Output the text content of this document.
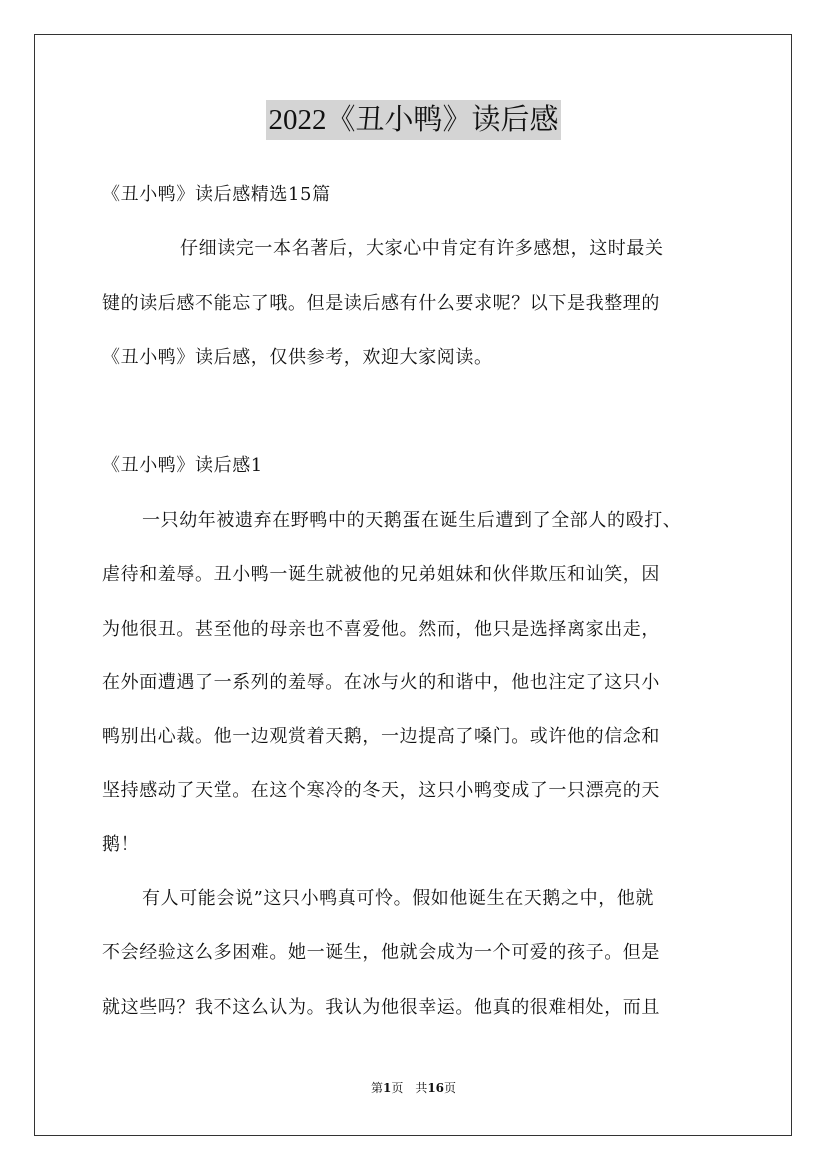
2022《丑小鸭》读后感
《丑小鸭》读后感精选15篇
仔细读完一本名著后，大家心中肯定有许多感想，这时最关
键的读后感不能忘了哦。但是读后感有什么要求呢？以下是我整理的
《丑小鸭》读后感，仅供参考，欢迎大家阅读。
《丑小鸭》读后感1
一只幼年被遗弃在野鸭中的天鹅蛋在诞生后遭到了全部人的殴打、
虐待和羞辱。丑小鸭一诞生就被他的兄弟姐妹和伙伴欺压和讪笑，因
为他很丑。甚至他的母亲也不喜爱他。然而，他只是选择离家出走，
在外面遭遇了一系列的羞辱。在冰与火的和谐中，他也注定了这只小
鸭别出心裁。他一边观赏着天鹅，一边提高了嗓门。或许他的信念和
坚持感动了天堂。在这个寒冷的冬天，这只小鸭变成了一只漂亮的天
鹅！
有人可能会说”这只小鸭真可怜。假如他诞生在天鹅之中，他就
不会经验这么多困难。她一诞生，他就会成为一个可爱的孩子。但是
就这些吗？我不这么认为。我认为他很幸运。他真的很难相处，而且
第1页　共16页
